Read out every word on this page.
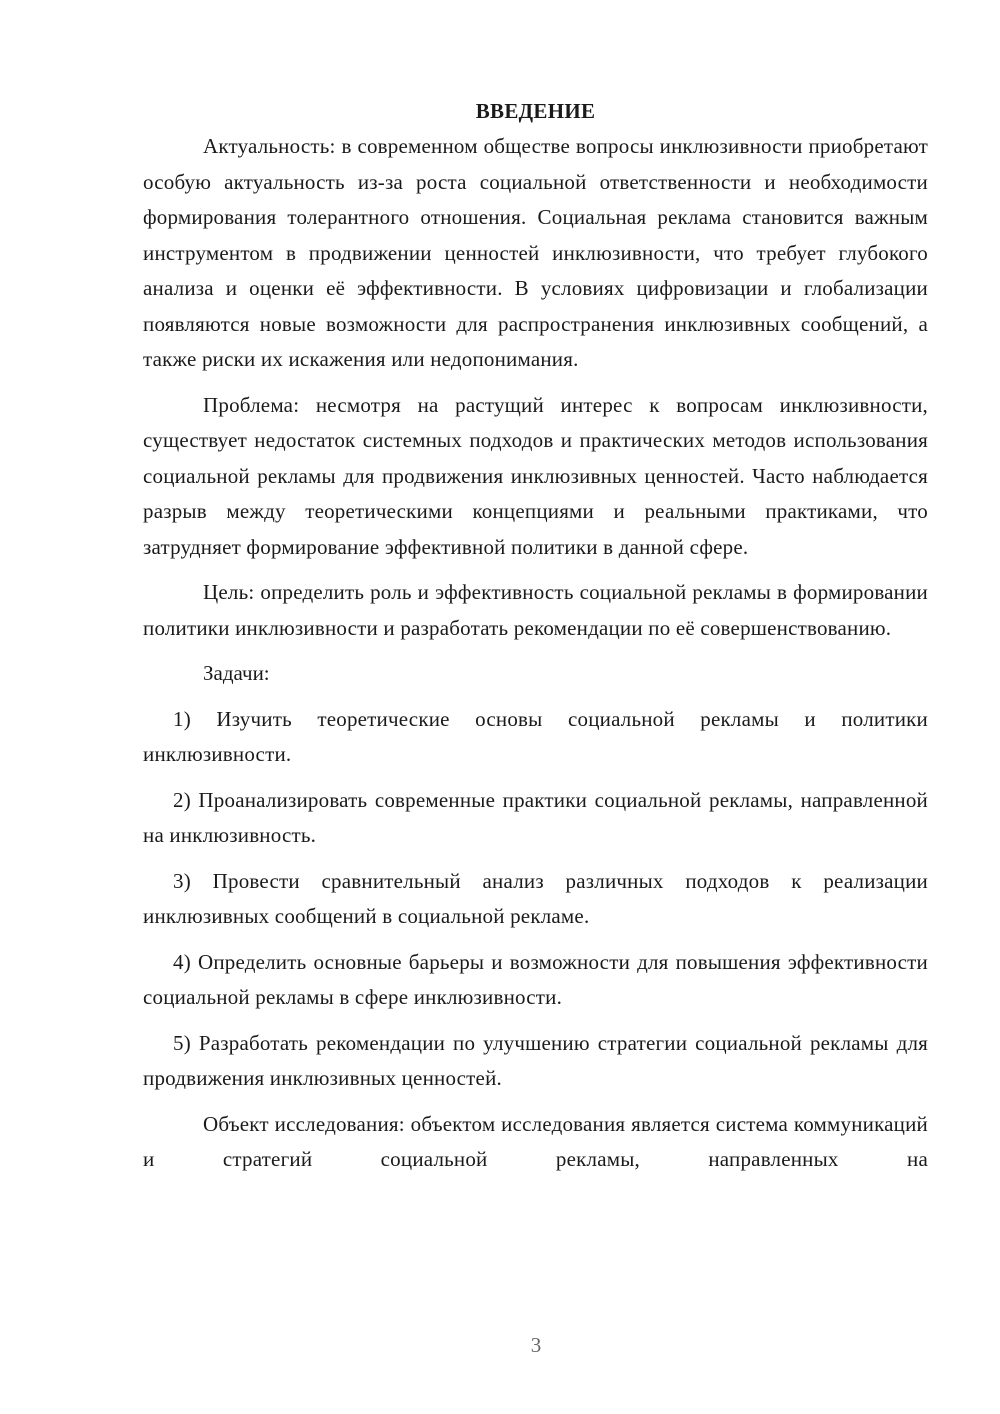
ВВЕДЕНИЕ

Актуальность: в современном обществе вопросы инклюзивности приобретают особую актуальность из-за роста социальной ответственности и необходимости формирования толерантного отношения. Социальная реклама становится важным инструментом в продвижении ценностей инклюзивности, что требует глубокого анализа и оценки её эффективности. В условиях цифровизации и глобализации появляются новые возможности для распространения инклюзивных сообщений, а также риски их искажения или недопонимания.

Проблема: несмотря на растущий интерес к вопросам инклюзивности, существует недостаток системных подходов и практических методов использования социальной рекламы для продвижения инклюзивных ценностей. Часто наблюдается разрыв между теоретическими концепциями и реальными практиками, что затрудняет формирование эффективной политики в данной сфере.

Цель: определить роль и эффективность социальной рекламы в формировании политики инклюзивности и разработать рекомендации по её совершенствованию.

Задачи:

1) Изучить теоретические основы социальной рекламы и политики инклюзивности.

2) Проанализировать современные практики социальной рекламы, направленной на инклюзивность.

3) Провести сравнительный анализ различных подходов к реализации инклюзивных сообщений в социальной рекламе.

4) Определить основные барьеры и возможности для повышения эффективности социальной рекламы в сфере инклюзивности.

5) Разработать рекомендации по улучшению стратегии социальной рекламы для продвижения инклюзивных ценностей.

Объект исследования: объектом исследования является система коммуникаций и стратегий социальной рекламы, направленных на

3
